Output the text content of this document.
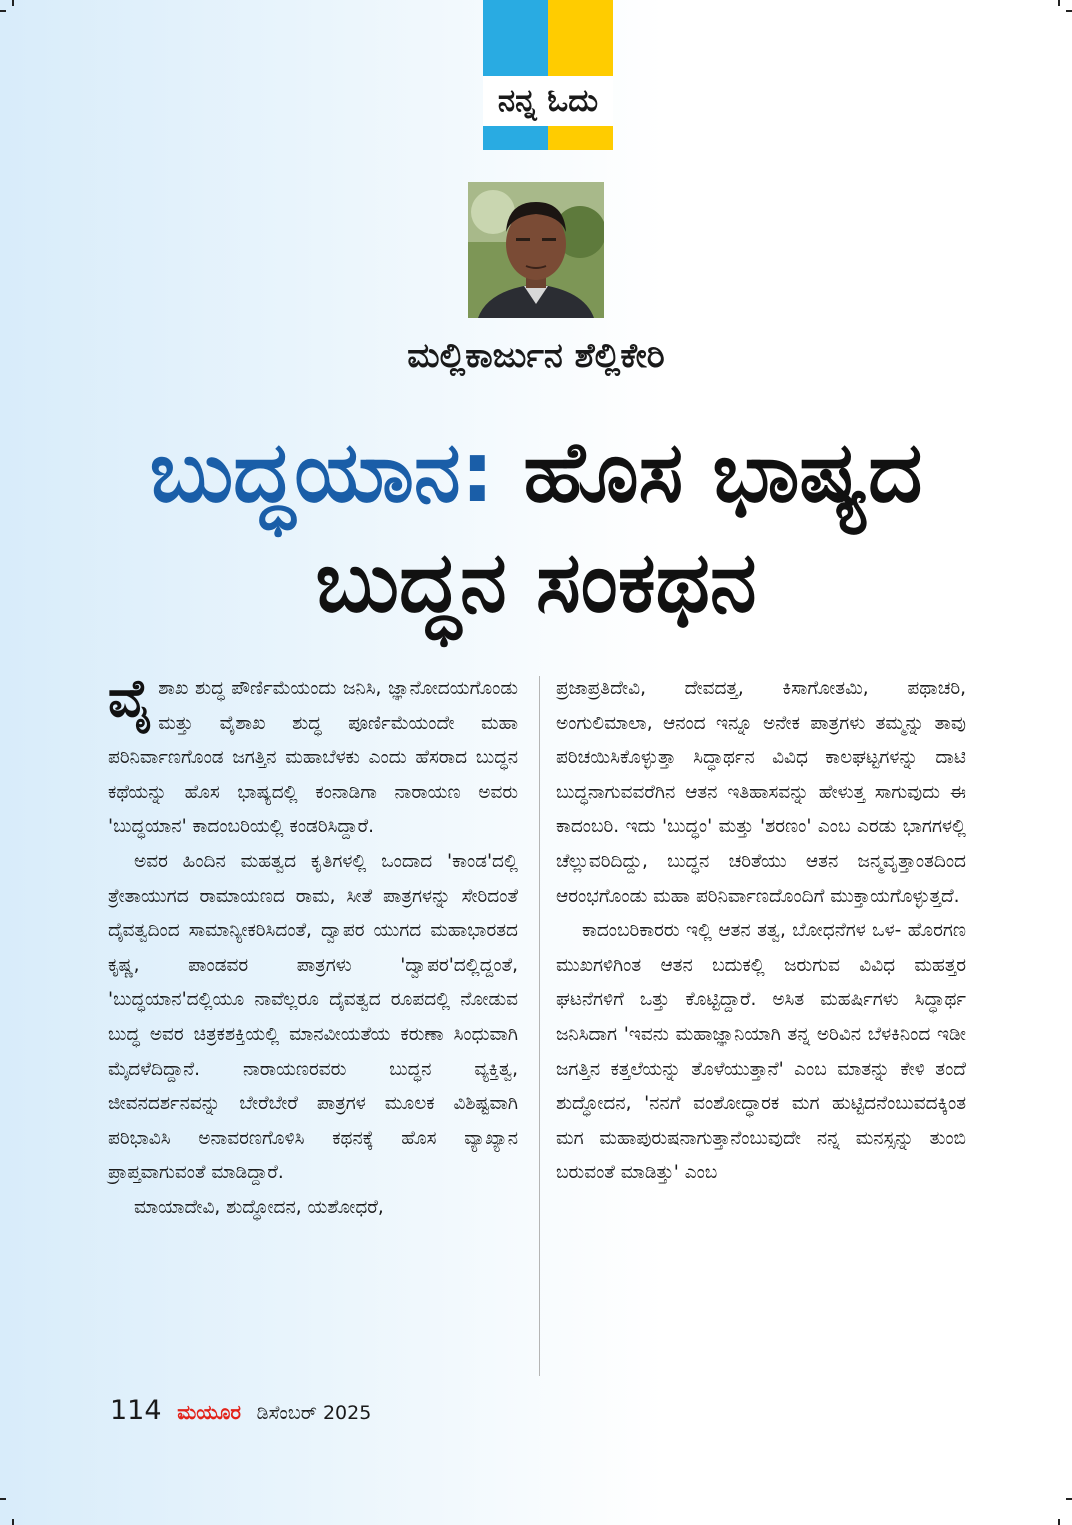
ನನ್ನ ಓದು
ಮಲ್ಲಿಕಾರ್ಜುನ ಶೆಲ್ಲಿಕೇರಿ
ಬುದ್ಧಯಾನ: ಹೊಸ ಭಾಷ್ಯದ
ಬುದ್ಧನ ಸಂಕಥನ

ವೈಶಾಖ ಶುದ್ಧ ಪೌರ್ಣಿಮೆಯಂದು ಜನಿಸಿ, ಜ್ಞಾನೋದಯಗೊಂಡು ಮತ್ತು ವೈಶಾಖ ಶುದ್ಧ ಪೂರ್ಣಿಮೆಯಂದೇ ಮಹಾ ಪರಿನಿರ್ವಾಣಗೊಂಡ ಜಗತ್ತಿನ ಮಹಾಬೆಳಕು ಎಂದು ಹೆಸರಾದ ಬುದ್ಧನ ಕಥೆಯನ್ನು ಹೊಸ ಭಾಷ್ಯದಲ್ಲಿ ಕಂನಾಡಿಗಾ ನಾರಾಯಣ ಅವರು 'ಬುದ್ಧಯಾನ' ಕಾದಂಬರಿಯಲ್ಲಿ ಕಂಡರಿಸಿದ್ದಾರೆ.

ಅವರ ಹಿಂದಿನ ಮಹತ್ವದ ಕೃತಿಗಳಲ್ಲಿ ಒಂದಾದ 'ಕಾಂಡ'ದಲ್ಲಿ ತ್ರೇತಾಯುಗದ ರಾಮಾಯಣದ ರಾಮ, ಸೀತೆ ಪಾತ್ರಗಳನ್ನು ಸೇರಿದಂತೆ ದೈವತ್ವದಿಂದ ಸಾಮಾನ್ಯೀಕರಿಸಿದಂತೆ, ದ್ವಾಪರ ಯುಗದ ಮಹಾಭಾರತದ ಕೃಷ್ಣ, ಪಾಂಡವರ ಪಾತ್ರಗಳು 'ದ್ವಾಪರ'ದಲ್ಲಿದ್ದಂತೆ, 'ಬುದ್ಧಯಾನ'ದಲ್ಲಿಯೂ ನಾವೆಲ್ಲರೂ ದೈವತ್ವದ ರೂಪದಲ್ಲಿ ನೋಡುವ ಬುದ್ಧ ಅವರ ಚಿತ್ರಕಶಕ್ತಿಯಲ್ಲಿ ಮಾನವೀಯತೆಯ ಕರುಣಾ ಸಿಂಧುವಾಗಿ ಮೈದಳೆದಿದ್ದಾನೆ. ನಾರಾಯಣರವರು ಬುದ್ಧನ ವ್ಯಕ್ತಿತ್ವ, ಜೀವನದರ್ಶನವನ್ನು ಬೇರೆಬೇರೆ ಪಾತ್ರಗಳ ಮೂಲಕ ವಿಶಿಷ್ಟವಾಗಿ ಪರಿಭಾವಿಸಿ ಅನಾವರಣಗೊಳಿಸಿ ಕಥನಕ್ಕೆ ಹೊಸ ವ್ಯಾಖ್ಯಾನ ಪ್ರಾಪ್ತವಾಗುವಂತೆ ಮಾಡಿದ್ದಾರೆ.

ಮಾಯಾದೇವಿ, ಶುದ್ಧೋದನ, ಯಶೋಧರೆ,

ಪ್ರಜಾಪ್ರತಿದೇವಿ, ದೇವದತ್ತ, ಕಿಸಾಗೋತಮಿ, ಪಥಾಚರಿ, ಅಂಗುಲಿಮಾಲಾ, ಆನಂದ ಇನ್ನೂ ಅನೇಕ ಪಾತ್ರಗಳು ತಮ್ಮನ್ನು ತಾವು ಪರಿಚಯಿಸಿಕೊಳ್ಳುತ್ತಾ ಸಿದ್ಧಾರ್ಥನ ವಿವಿಧ ಕಾಲಘಟ್ಟಗಳನ್ನು ದಾಟಿ ಬುದ್ಧನಾಗುವವರೆಗಿನ ಆತನ ಇತಿಹಾಸವನ್ನು ಹೇಳುತ್ತ ಸಾಗುವುದು ಈ ಕಾದಂಬರಿ. ಇದು 'ಬುದ್ಧಂ' ಮತ್ತು 'ಶರಣಂ' ಎಂಬ ಎರಡು ಭಾಗಗಳಲ್ಲಿ ಚೆಲ್ಲುವರಿದಿದ್ದು, ಬುದ್ಧನ ಚರಿತೆಯು ಆತನ ಜನ್ಮವೃತ್ತಾಂತದಿಂದ ಆರಂಭಗೊಂಡು ಮಹಾ ಪರಿನಿರ್ವಾಣದೊಂದಿಗೆ ಮುಕ್ತಾಯಗೊಳ್ಳುತ್ತದೆ.

ಕಾದಂಬರಿಕಾರರು ಇಲ್ಲಿ ಆತನ ತತ್ವ, ಬೋಧನೆಗಳ ಒಳ- ಹೊರಗಣ ಮುಖಗಳಿಗಿಂತ ಆತನ ಬದುಕಲ್ಲಿ ಜರುಗುವ ವಿವಿಧ ಮಹತ್ತರ ಘಟನೆಗಳಿಗೆ ಒತ್ತು ಕೊಟ್ಟಿದ್ದಾರೆ. ಅಸಿತ ಮಹರ್ಷಿಗಳು ಸಿದ್ಧಾರ್ಥ ಜನಿಸಿದಾಗ 'ಇವನು ಮಹಾಜ್ಞಾನಿಯಾಗಿ ತನ್ನ ಅರಿವಿನ ಬೆಳಕಿನಿಂದ ಇಡೀ ಜಗತ್ತಿನ ಕತ್ತಲೆಯನ್ನು ತೊಳೆಯುತ್ತಾನೆ' ಎಂಬ ಮಾತನ್ನು ಕೇಳಿ ತಂದೆ ಶುದ್ಧೋದನ, 'ನನಗೆ ವಂಶೋದ್ಧಾರಕ ಮಗ ಹುಟ್ಟಿದನೆಂಬುವದಕ್ಕಿಂತ ಮಗ ಮಹಾಪುರುಷನಾಗುತ್ತಾನೆಂಬುವುದೇ ನನ್ನ ಮನಸ್ಸನ್ನು ತುಂಬಿ ಬರುವಂತೆ ಮಾಡಿತ್ತು' ಎಂಬ

114 ಮಯೂರ ಡಿಸೆಂಬರ್ 2025
